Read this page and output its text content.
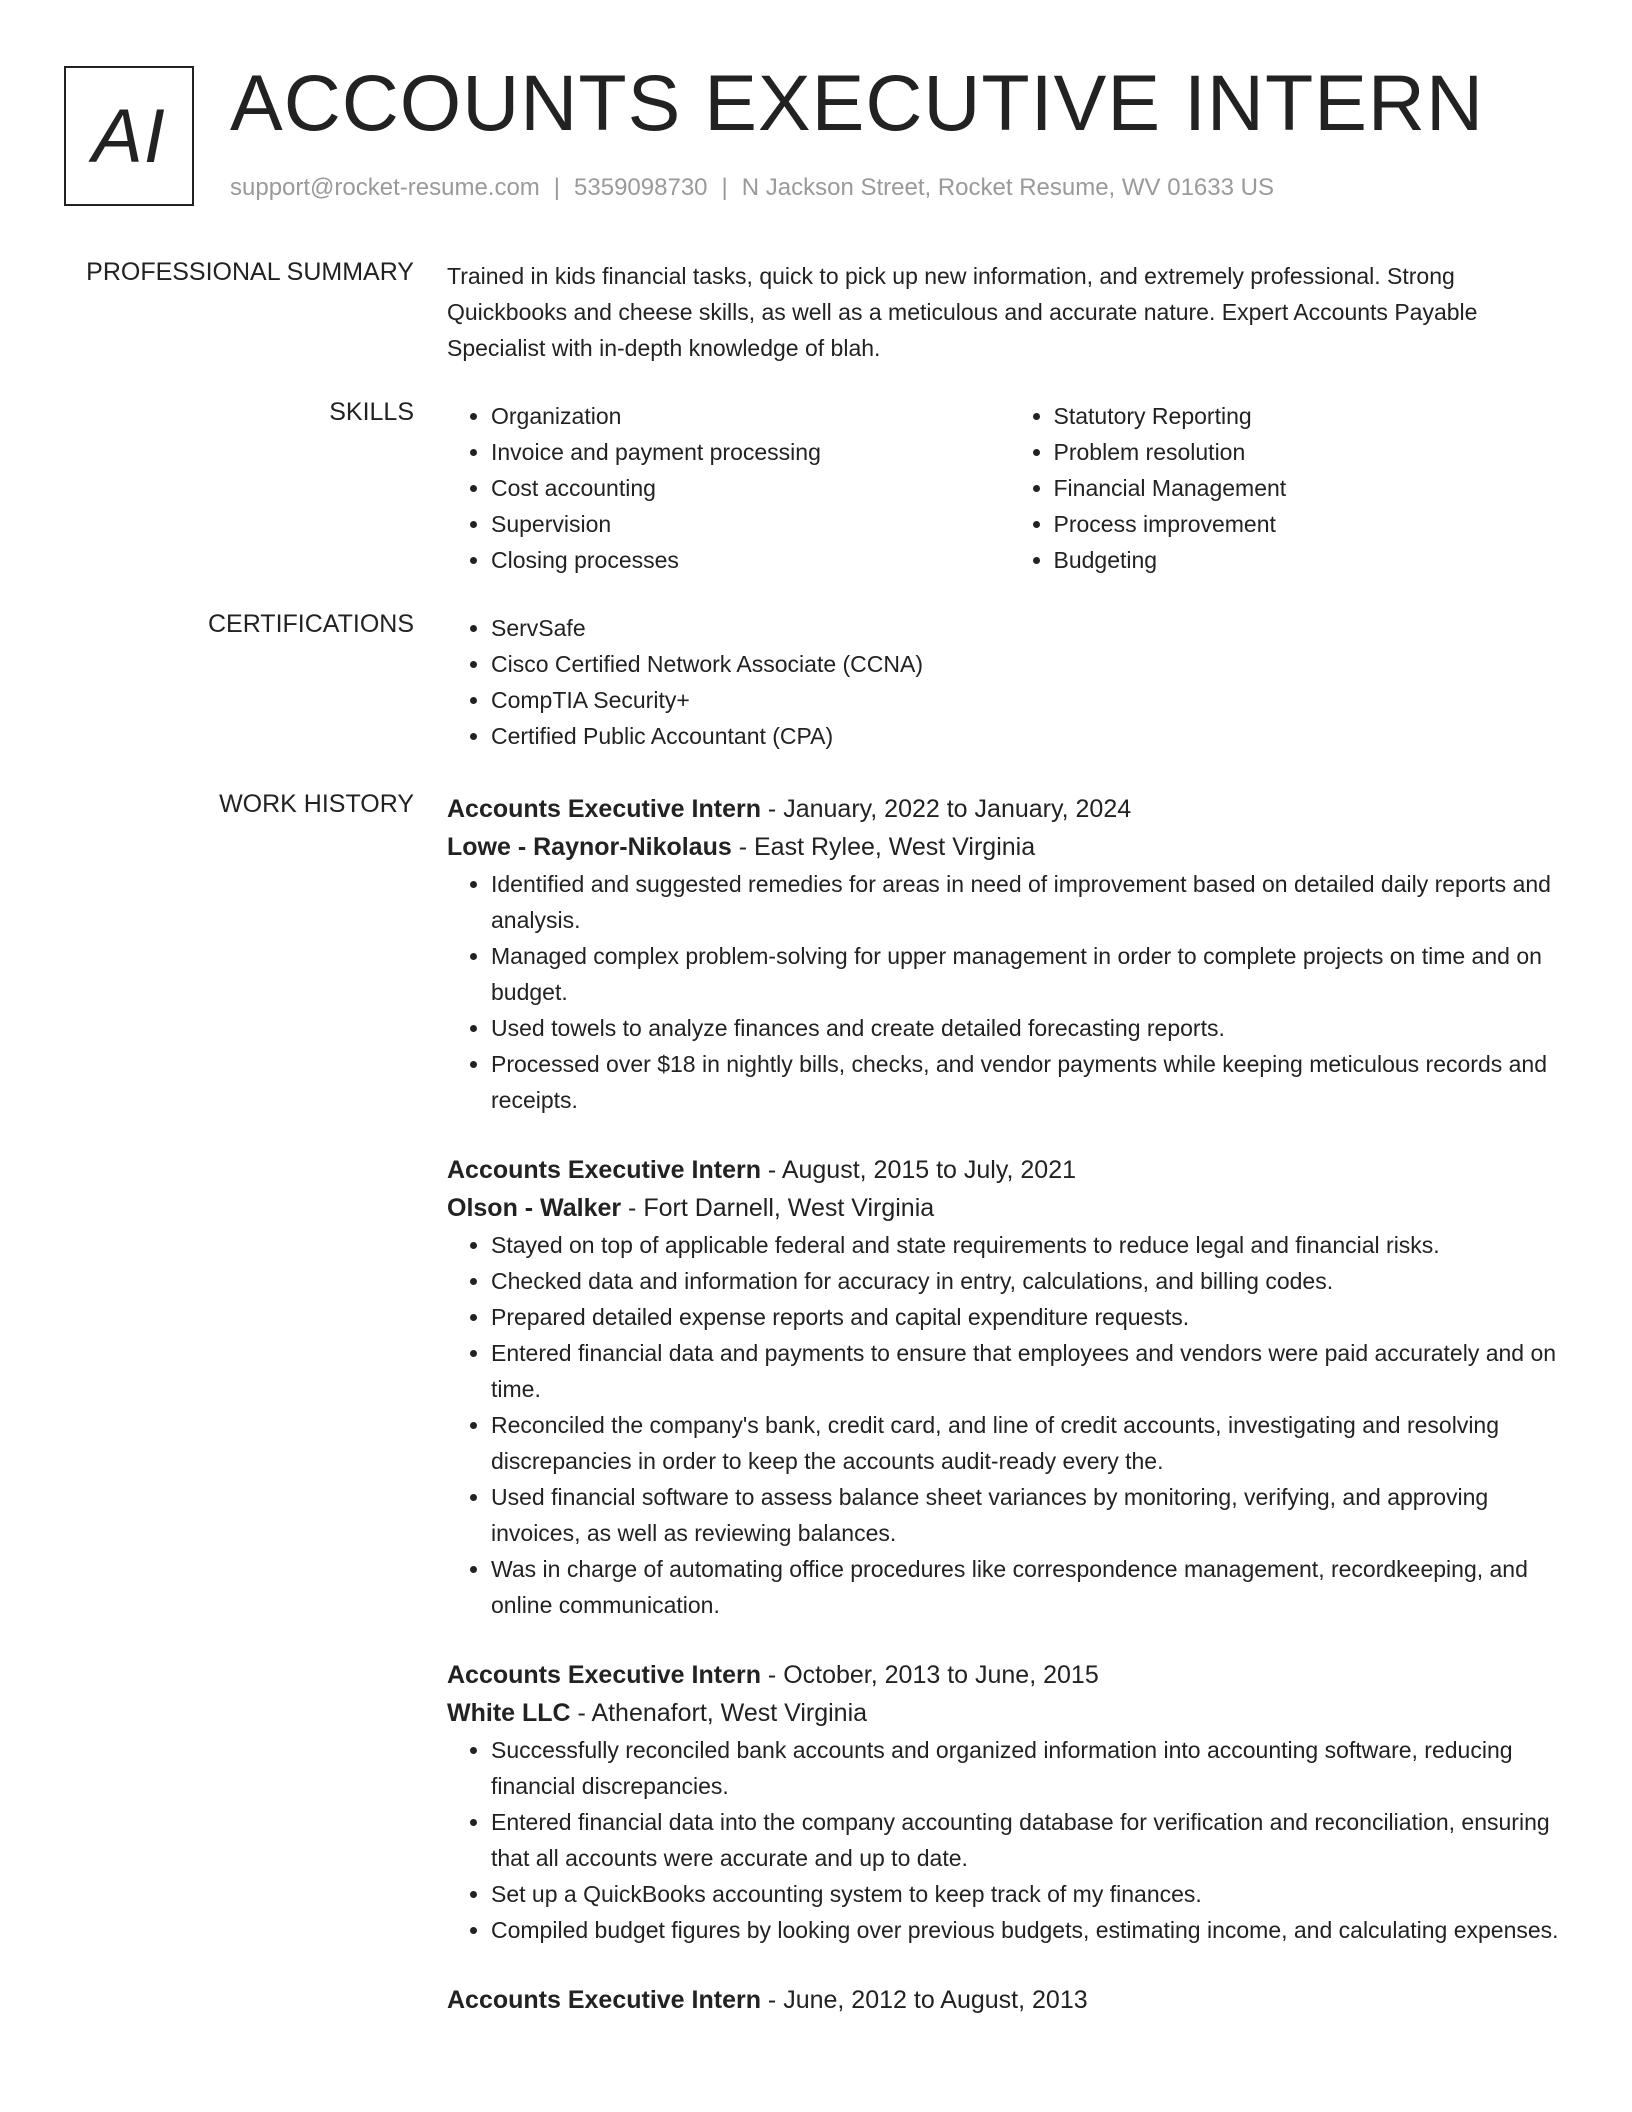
AI ACCOUNTS EXECUTIVE INTERN
support@rocket-resume.com | 5359098730 | N Jackson Street, Rocket Resume, WV 01633 US
PROFESSIONAL SUMMARY Trained in kids financial tasks, quick to pick up new information, and extremely professional. Strong Quickbooks and cheese skills, as well as a meticulous and accurate nature. Expert Accounts Payable Specialist with in-depth knowledge of blah.

SKILLS	• Organization
• Invoice and payment processing
• Cost accounting
• Supervision
• Closing processes
• Statutory Reporting
• Problem resolution
• Financial Management
• Process improvement
• Budgeting
CERTIFICATIONS	• ServSafe
• Cisco Certified Network Associate (CCNA)
• CompTIA Security+
• Certified Public Accountant (CPA)
WORK HISTORY Accounts Executive Intern - January, 2022 to January, 2024
Lowe - Raynor-Nikolaus - East Rylee, West Virginia
• Identified and suggested remedies for areas in need of improvement based on detailed daily reports and analysis.
• Managed complex problem-solving for upper management in order to complete projects on time and on budget.
• Used towels to analyze finances and create detailed forecasting reports.
• Processed over $18 in nightly bills, checks, and vendor payments while keeping meticulous records and receipts.
Accounts Executive Intern - August, 2015 to July, 2021
Olson - Walker - Fort Darnell, West Virginia
• Stayed on top of applicable federal and state requirements to reduce legal and financial risks.
• Checked data and information for accuracy in entry, calculations, and billing codes.
• Prepared detailed expense reports and capital expenditure requests.
• Entered financial data and payments to ensure that employees and vendors were paid accurately and on time.
• Reconciled the company's bank, credit card, and line of credit accounts, investigating and resolving discrepancies in order to keep the accounts audit-ready every the.
• Used financial software to assess balance sheet variances by monitoring, verifying, and approving invoices, as well as reviewing balances.
• Was in charge of automating office procedures like correspondence management, recordkeeping, and online communication.
Accounts Executive Intern - October, 2013 to June, 2015
White LLC - Athenafort, West Virginia
• Successfully reconciled bank accounts and organized information into accounting software, reducing financial discrepancies.
• Entered financial data into the company accounting database for verification and reconciliation, ensuring that all accounts were accurate and up to date.
• Set up a QuickBooks accounting system to keep track of my finances.
• Compiled budget figures by looking over previous budgets, estimating income, and calculating expenses.
Accounts Executive Intern - June, 2012 to August, 2013
